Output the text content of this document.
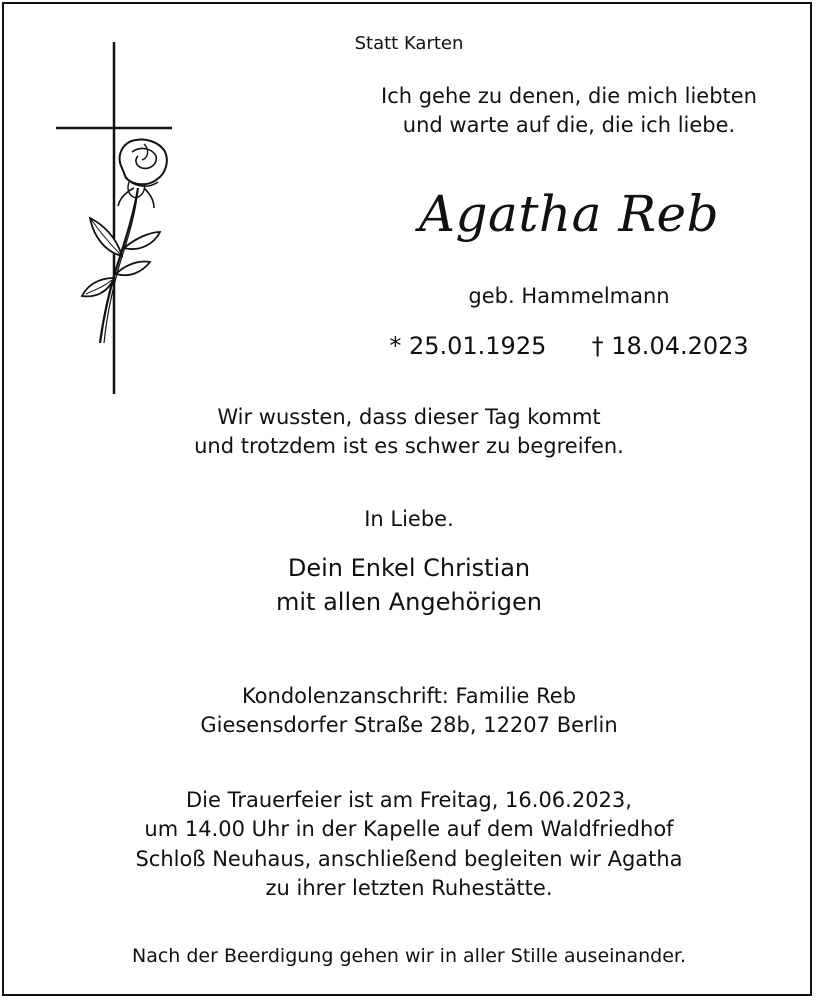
Statt Karten
Ich gehe zu denen, die mich liebten
und warte auf die, die ich liebe.
Agatha Reb
geb. Hammelmann
* 25.01.1925 † 18.04.2023
Wir wussten, dass dieser Tag kommt
und trotzdem ist es schwer zu begreifen.
In Liebe.
Dein Enkel Christian
mit allen Angehörigen
Kondolenzanschrift: Familie Reb
Giesensdorfer Straße 28b, 12207 Berlin
Die Trauerfeier ist am Freitag, 16.06.2023,
um 14.00 Uhr in der Kapelle auf dem Waldfriedhof
Schloß Neuhaus, anschließend begleiten wir Agatha
zu ihrer letzten Ruhestätte.
Nach der Beerdigung gehen wir in aller Stille auseinander.
